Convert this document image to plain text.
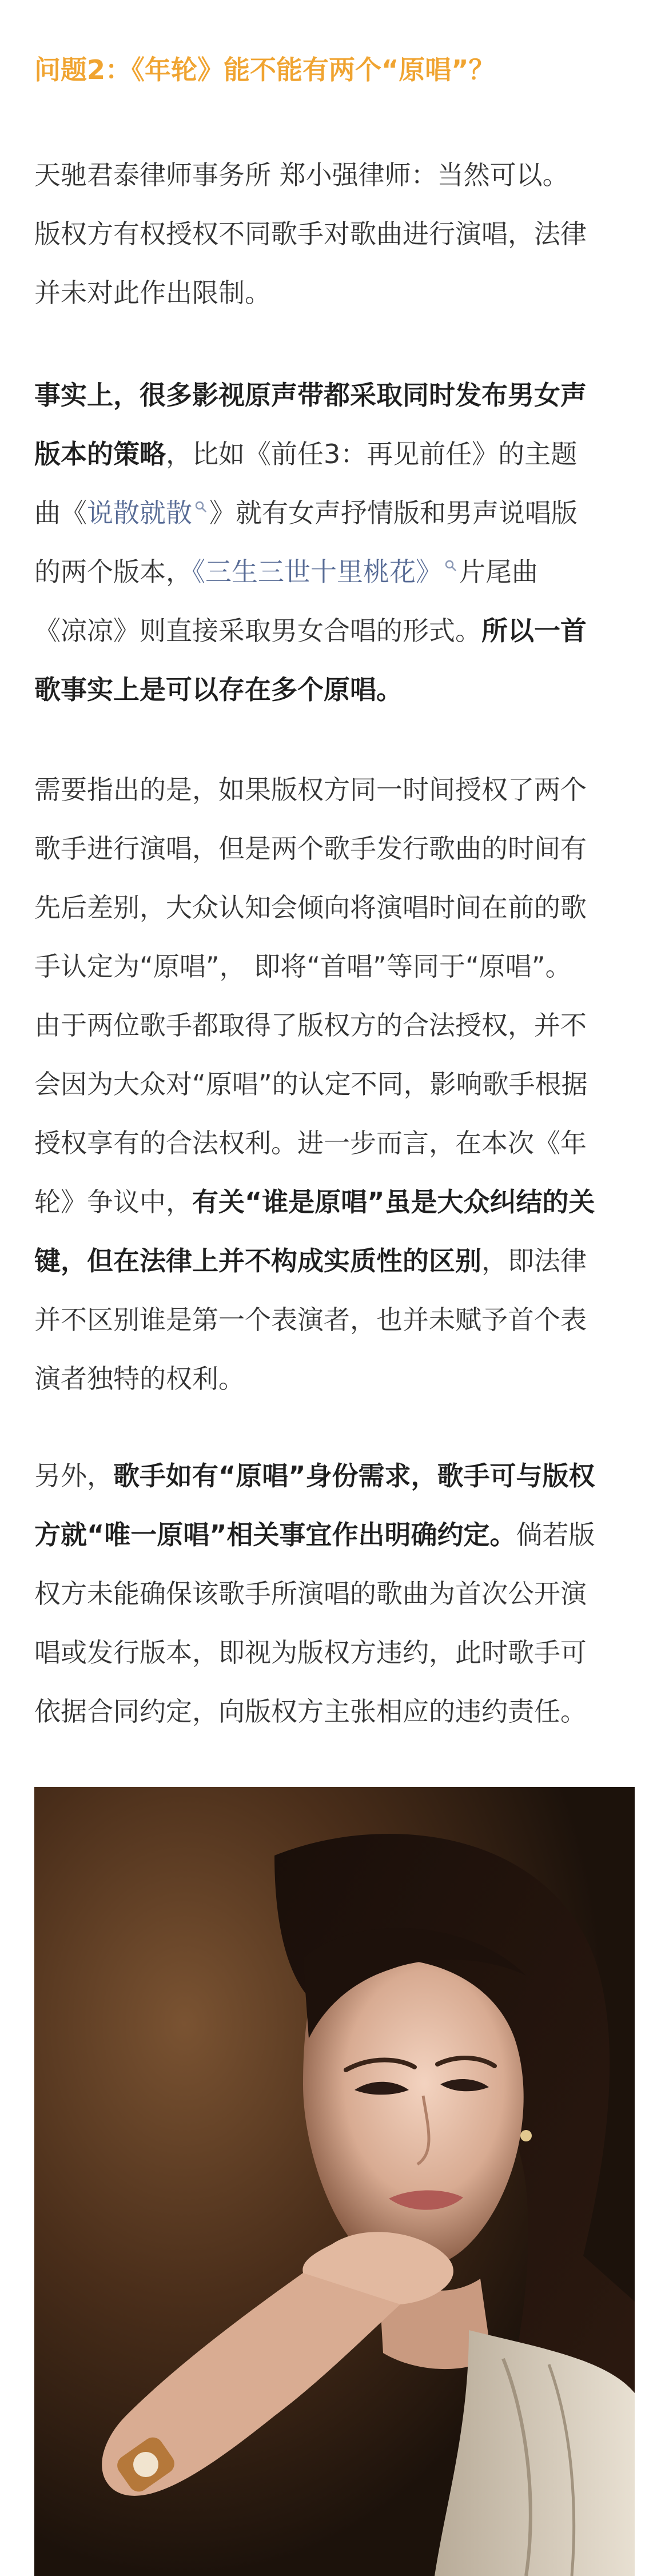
问题2：《年轮》能不能有两个“原唱”？

天驰君泰律师事务所 郑小强律师：当然可以。
版权方有权授权不同歌手对歌曲进行演唱，法律
并未对此作出限制。

事实上，很多影视原声带都采取同时发布男女声
版本的策略，比如《前任3：再见前任》的主题
曲《说散就散 》就有女声抒情版和男声说唱版
的两个版本，《三生三世十里桃花》 片尾曲
《凉凉》则直接采取男女合唱的形式。所以一首
歌事实上是可以存在多个原唱。

需要指出的是，如果版权方同一时间授权了两个
歌手进行演唱，但是两个歌手发行歌曲的时间有
先后差别，大众认知会倾向将演唱时间在前的歌
手认定为“原唱”， 即将“首唱”等同于“原唱”。
由于两位歌手都取得了版权方的合法授权，并不
会因为大众对“原唱”的认定不同，影响歌手根据
授权享有的合法权利。进一步而言，在本次《年
轮》争议中，有关“谁是原唱”虽是大众纠结的关
键，但在法律上并不构成实质性的区别，即法律
并不区别谁是第一个表演者，也并未赋予首个表
演者独特的权利。

另外，歌手如有“原唱”身份需求，歌手可与版权
方就“唯一原唱”相关事宜作出明确约定。倘若版
权方未能确保该歌手所演唱的歌曲为首次公开演
唱或发行版本，即视为版权方违约，此时歌手可
依据合同约定，向版权方主张相应的违约责任。
